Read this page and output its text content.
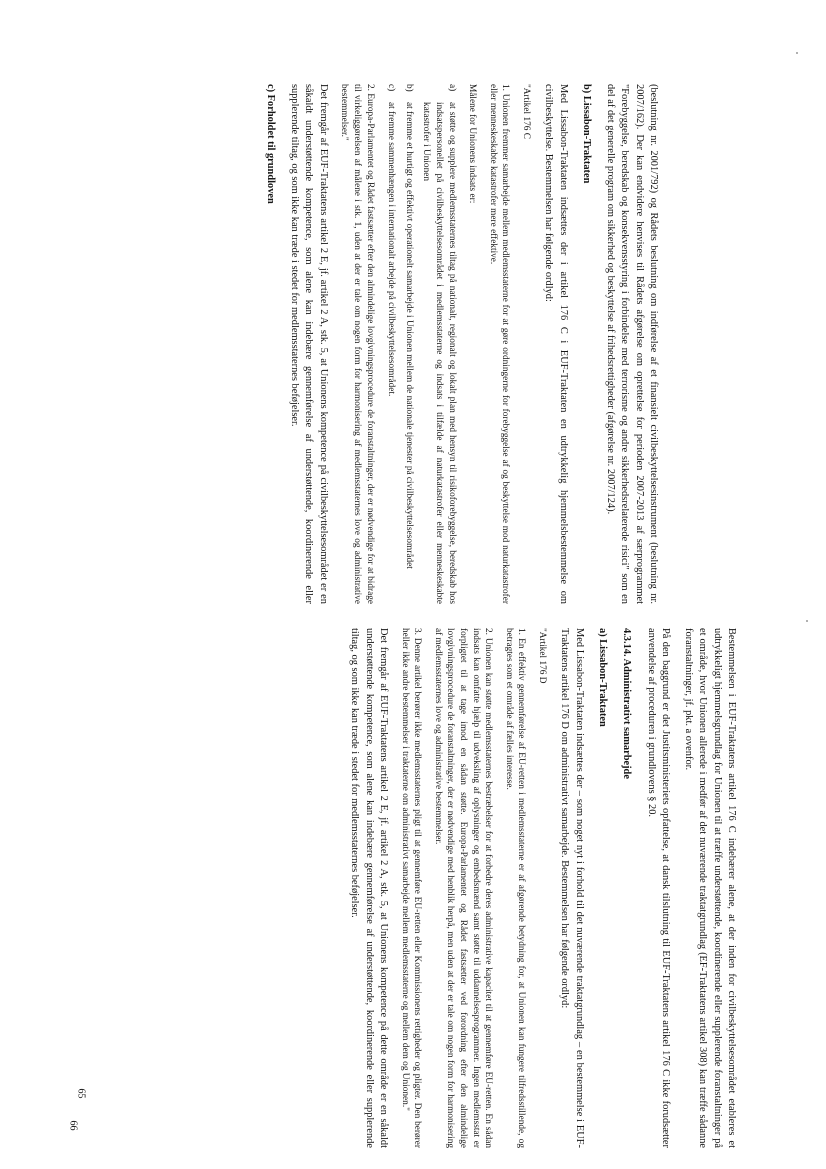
(beslutning nr. 2001/792) og Rådets beslutning om indførelse af et finansielt civilbeskyttelsesinstrument (beslutning nr. 2007/162). Der kan endvidere henvises til Rådets afgørelse om oprettelse for perioden 2007-2013 af særprogrammet "Forebyggelse, beredskab og konsekvensstyring i forbindelse med terrorisme og andre sikkerhedsrelaterede risici" som en del af det generelle program om sikkerhed og beskyttelse af frihedsrettigheder (afgørelse nr. 2007/124).

b) Lissabon-Traktaten

Med Lissabon-Traktaten indsættes der i artikel 176 C i EUF-Traktaten en udtrykkelig hjemmelsbestemmelse om civilbeskyttelse. Bestemmelsen har følgende ordlyd:

"Artikel 176 C

1. Unionen fremmer samarbejde mellem medlemsstaterne for at gøre ordningerne for forebyggelse af og beskyttelse mod naturkatastrofer eller menneskeskabte katastrofer mere effektive.

Målene for Unionens indsats er:

a)
at støtte og supplere medlemsstaternes tiltag på nationalt, regionalt og lokalt plan med hensyn til risikoforebyggelse, beredskab hos indsatspersonellet på civilbeskyttelsesområdet i medlemsstaterne og indsats i tilfælde af naturkatastrofer eller menneskeskabte katastrofer i Unionen
b)
at fremme et hurtigt og effektivt operationelt samarbejde i Unionen mellem de nationale tjenester på civilbeskyttelsesområdet
c)
at fremme sammenhængen i internationalt arbejde på civilbeskyttelsesområdet.

2. Europa-Parlamentet og Rådet fastsætter efter den almindelige lovgivningsprocedure de foranstaltninger, der er nødvendige for at bidrage til virkeliggørelsen af målene i stk. 1, uden at der er tale om nogen form for harmonisering af medlemsstaternes love og administrative bestemmelser."

Det fremgår af EUF-Traktatens artikel 2 E, jf. artikel 2 A, stk. 5, at Unionens kompetence på civilbeskyttelsesområdet er en såkaldt understøttende kompetence, som alene kan indebære gennemførelse af understøttende, koordinerende eller supplerende tiltag, og som ikke kan træde i stedet for medlemsstaternes beføjelser.

c) Forholdet til grundloven

Bestemmelsen i EUF-Traktatens artikel 176 C indebærer alene, at der inden for civilbeskyttelsesområdet etableres et udtrykkeligt hjemmelsgrundlag for Unionen til at træffe understøttende, koordinerende eller supplerende foranstaltninger på et område, hvor Unionen allerede i medfør af det nuværende traktatgrundlag (EF-Traktatens artikel 308) kan træffe sådanne foranstaltninger, jf. pkt. a ovenfor.

På den baggrund er det Justitsministeriets opfattelse, at dansk tilslutning til EUF-Traktatens artikel 176 C ikke forudsætter anvendelse af proceduren i grundlovens § 20.

4.3.14. Administrativt samarbejde

a) Lissabon-Traktaten

Med Lissabon-Traktaten indsættes der – som noget nyt i forhold til det nuværende traktatgrundlag – en bestemmelse i EUF-Traktatens artikel 176 D om administrativt samarbejde. Bestemmelsen har følgende ordlyd:

"Artikel 176 D

1. En effektiv gennemførelse af EU-retten i medlemsstaterne er af afgørende betydning for, at Unionen kan fungere tilfredsstillende, og betragtes som et område af fælles interesse.

2. Unionen kan støtte medlemsstaternes bestræbelser for at forbedre deres administrative kapacitet til at gennemføre EU-retten. En sådan indsats kan omfatte hjælp til udveksling af oplysninger og embedsmænd samt støtte til uddannelsesprogrammer. Ingen medlemsstat er forpligtet til at tage imod en sådan støtte. Europa-Parlamentet og Rådet fastsætter ved forordning efter den almindelige lovgivningsprocedure de foranstaltninger, der er nødvendige med henblik herpå, men uden at der er tale om nogen form for harmonisering af medlemsstaternes love og administrative bestemmelser.

3. Denne artikel berører ikke medlemsstaternes pligt til at gennemføre EU-retten eller Kommissionens rettigheder og pligter. Den berører heller ikke andre bestemmelser i traktaterne om administrativt samarbejde mellem medlemsstaterne og mellem dem og Unionen."

Det fremgår af EUF-Traktatens artikel 2 E, jf. artikel 2 A, stk. 5, at Unionens kompetence på dette område er en såkaldt understøttende kompetence, som alene kan indebære gennemførelse af understøttende, koordinerende eller supplerende tiltag, og som ikke kan træde i stedet for medlemsstaternes beføjelser.

65
66
